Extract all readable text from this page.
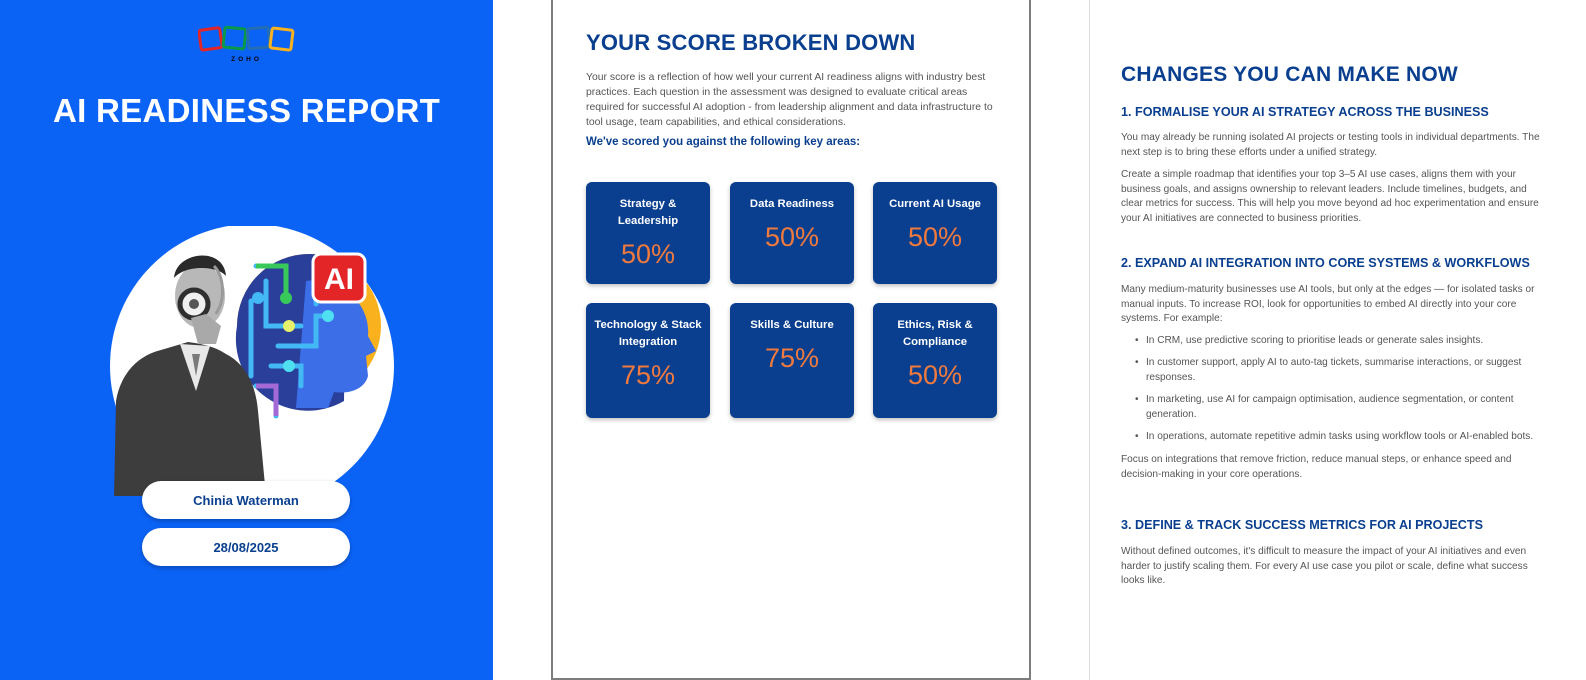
ZOHO
AI READINESS REPORT
AI
Chinia Waterman
28/08/2025
YOUR SCORE BROKEN DOWN

Your score is a reflection of how well your current AI readiness aligns with industry best practices. Each question in the assessment was designed to evaluate critical areas required for successful AI adoption - from leadership alignment and data infrastructure to tool usage, team capabilities, and ethical considerations.

We've scored you against the following key areas:

Strategy & Leadership
50%
Data Readiness
50%
Current AI Usage
50%
Technology & Stack Integration
75%
Skills & Culture
75%
Ethics, Risk & Compliance
50%
CHANGES YOU CAN MAKE NOW
1. FORMALISE YOUR AI STRATEGY ACROSS THE BUSINESS

You may already be running isolated AI projects or testing tools in individual departments. The next step is to bring these efforts under a unified strategy.

Create a simple roadmap that identifies your top 3–5 AI use cases, aligns them with your business goals, and assigns ownership to relevant leaders. Include timelines, budgets, and clear metrics for success. This will help you move beyond ad hoc experimentation and ensure your AI initiatives are connected to business priorities.

2. EXPAND AI INTEGRATION INTO CORE SYSTEMS & WORKFLOWS

Many medium-maturity businesses use AI tools, but only at the edges — for isolated tasks or manual inputs. To increase ROI, look for opportunities to embed AI directly into your core systems. For example:

• In CRM, use predictive scoring to prioritise leads or generate sales insights.
• In customer support, apply AI to auto-tag tickets, summarise interactions, or suggest responses.
• In marketing, use AI for campaign optimisation, audience segmentation, or content generation.
• In operations, automate repetitive admin tasks using workflow tools or AI-enabled bots.

Focus on integrations that remove friction, reduce manual steps, or enhance speed and decision-making in your core operations.

3. DEFINE & TRACK SUCCESS METRICS FOR AI PROJECTS

Without defined outcomes, it's difficult to measure the impact of your AI initiatives and even harder to justify scaling them. For every AI use case you pilot or scale, define what success looks like.
